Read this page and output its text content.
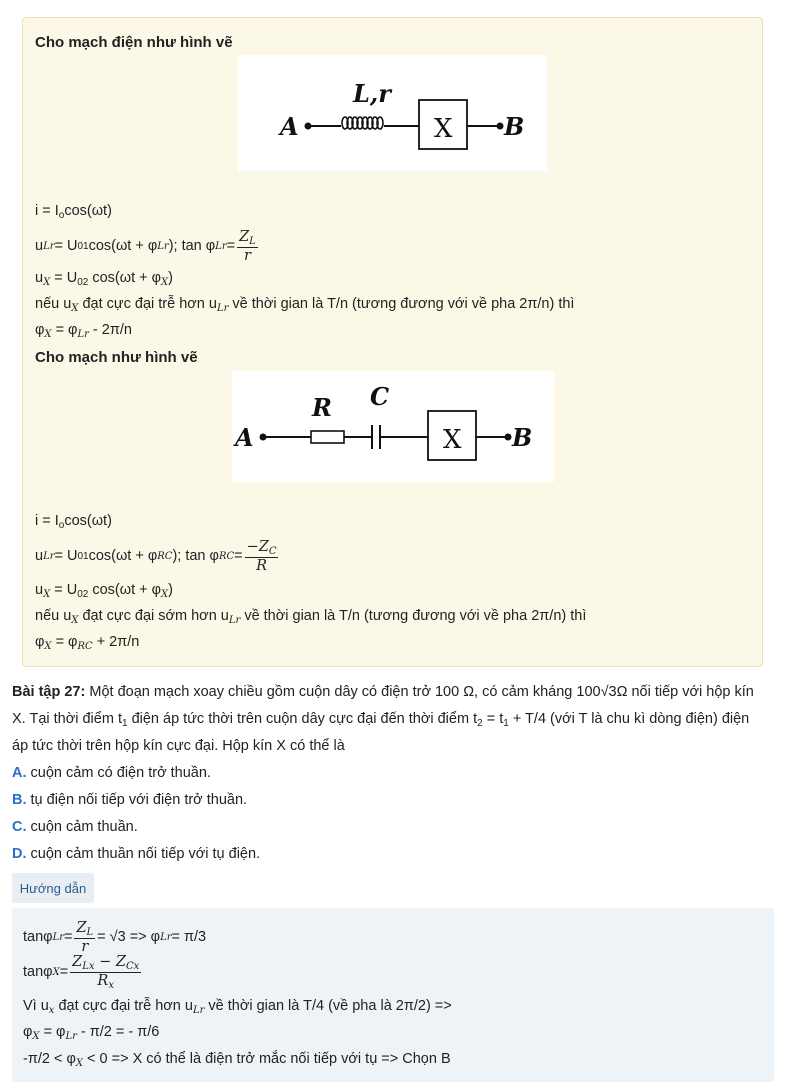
Cho mạch điện như hình vẽ
A
L,r
X B
$i = I_o\cos(\omega t)$
u Lr = U 01 cos(ωt + φ Lr ); tan φ $Lr = \frac{Z_L}{r}$
$u_X = U_{02}$ $\cos(\omega t + \varphi_X)$
nếu $u_X$ đạt cực đại trễ hơn $u_{Lr}$ về thời gian là T/n (tương đương với về pha 2π/n) thì
$\varphi_X = \varphi_{Lr} - 2\pi/n$
Cho mạch như hình vẽ
A
R C
X B
$i = I_o\cos(\omega t)$
u Lr = U 01 cos(ωt + φ RC ); tan φ RC = $\frac{-Z_C}{R}$
$u_X = U_{02}$ $\cos(\omega t + \varphi_X)$
nếu $u_X$ đạt cực đại sớm hơn $u_{Lr}$ về thời gian là T/n (tương đương với về pha 2π/n) thì
$\varphi_X = \varphi_{RC} + 2\pi/n$
Bài tập 27: Một đoạn mạch xoay chiều gồm cuộn dây có điện trở 100 Ω, có cảm kháng 100√3Ω nối tiếp với hộp kín
X. Tại thời điểm $t_1$ điện áp tức thời trên cuộn dây cực đại đến thời điểm $t_2 = t_1 + T/4$ (với T là chu kì dòng điện) điện
áp tức thời trên hộp kín cực đại. Hộp kín X có thể là
A. cuộn cảm có điện trở thuần.
B. tụ điện nối tiếp với điện trở thuần.
C. cuộn cảm thuần.
D. cuộn cảm thuần nối tiếp với tụ điện.
Hướng dẫn
tanφ $Lr = \frac{Z_L}{r} = √3 => \varphi$ Lr = π/3
tanφ $X = \frac{Z_{Lx} - Z_{Cx}}{R_x}$
Vì $u_x$ đạt cực đại trễ hơn $u_{Lr}$ về thời gian là T/4 (về pha là 2π/2) =>
$\varphi_X = \varphi_{Lr} - \pi/2$ = - π/6
$-\pi/2 < \varphi_X < 0 => X$ có thể là điện trở mắc nối tiếp với tụ => Chọn B
